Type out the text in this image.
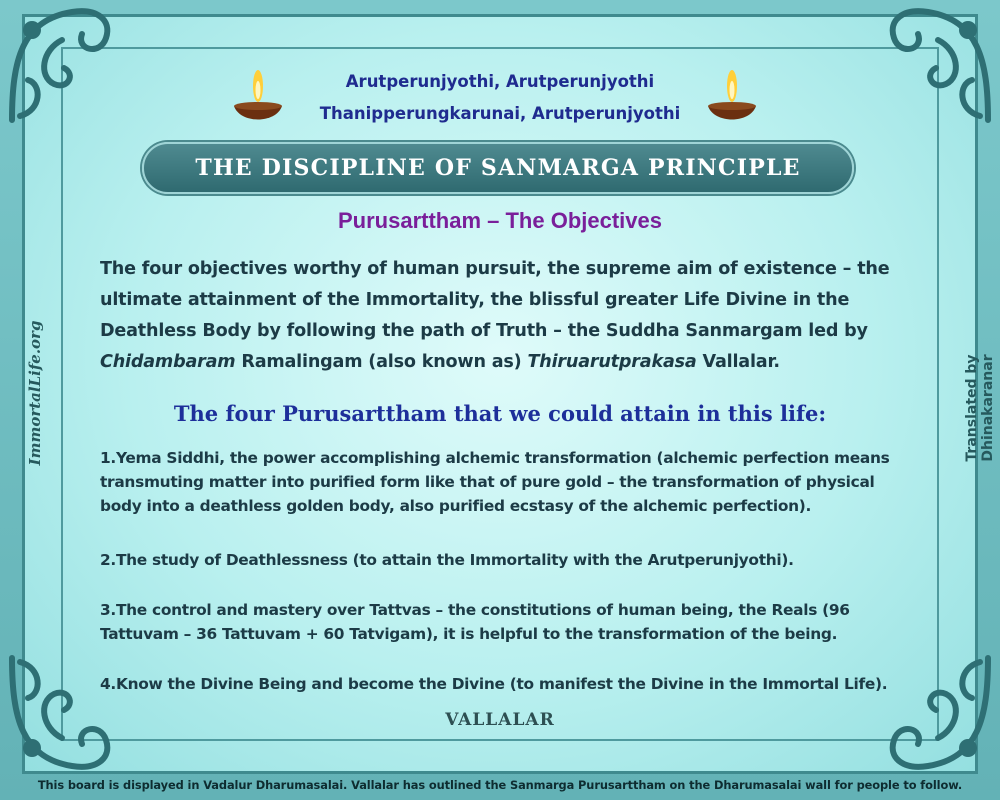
Arutperunjyothi, Arutperunjyothi
Thanipperungkarunai, Arutperunjyothi
THE DISCIPLINE OF SANMARGA PRINCIPLE
Purusarttham – The Objectives
The four objectives worthy of human pursuit, the supreme aim of existence – the ultimate attainment of the Immortality, the blissful greater Life Divine in the Deathless Body by following the path of Truth – the Suddha Sanmargam led by Chidambaram Ramalingam (also known as) Thiruarutprakasa Vallalar.
The four Purusarttham that we could attain in this life:
1.Yema Siddhi, the power accomplishing alchemic transformation (alchemic perfection means transmuting matter into purified form like that of pure gold – the transformation of physical body into a deathless golden body, also purified ecstasy of the alchemic perfection).
2.The study of Deathlessness (to attain the Immortality with the Arutperunjyothi).
3.The control and mastery over Tattvas – the constitutions of human being, the Reals (96 Tattuvam – 36 Tattuvam + 60 Tatvigam), it is helpful to the transformation of the being.
4.Know the Divine Being and become the Divine (to manifest the Divine in the Immortal Life).
VALLALAR
ImmortalLife.org	Translated by Dhinakaranar
This board is displayed in Vadalur Dharumasalai. Vallalar has outlined the Sanmarga Purusarttham on the Dharumasalai wall for people to follow.
